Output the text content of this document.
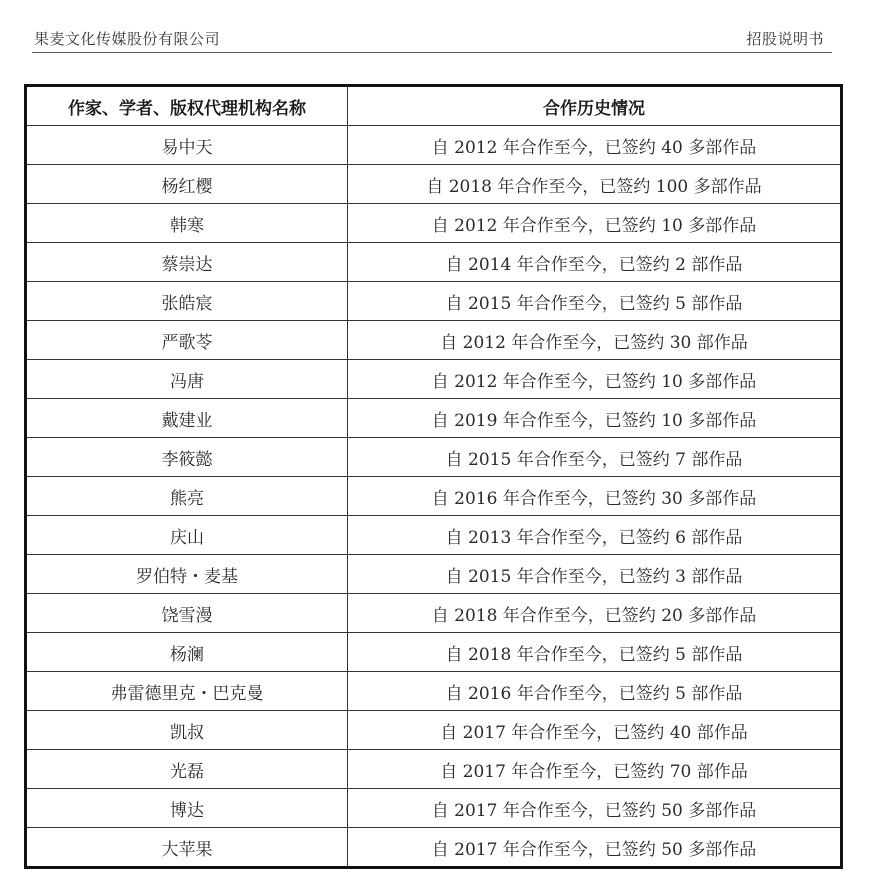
果麦文化传媒股份有限公司	招股说明书
作家、学者、版权代理机构名称	合作历史情况
易中天	自 2012 年合作至今，已签约 40 多部作品
杨红樱	自 2018 年合作至今，已签约 100 多部作品
韩寒	自 2012 年合作至今，已签约 10 多部作品
蔡崇达	自 2014 年合作至今，已签约 2 部作品
张皓宸	自 2015 年合作至今，已签约 5 部作品
严歌苓	自 2012 年合作至今，已签约 30 部作品
冯唐	自 2012 年合作至今，已签约 10 多部作品
戴建业	自 2019 年合作至今，已签约 10 多部作品
李筱懿	自 2015 年合作至今，已签约 7 部作品
熊亮	自 2016 年合作至今，已签约 30 多部作品
庆山	自 2013 年合作至今，已签约 6 部作品
罗伯特・麦基	自 2015 年合作至今，已签约 3 部作品
饶雪漫	自 2018 年合作至今，已签约 20 多部作品
杨澜	自 2018 年合作至今，已签约 5 部作品
弗雷德里克・巴克曼	自 2016 年合作至今，已签约 5 部作品
凯叔	自 2017 年合作至今，已签约 40 部作品
光磊	自 2017 年合作至今，已签约 70 部作品
博达	自 2017 年合作至今，已签约 50 多部作品
大苹果	自 2017 年合作至今，已签约 50 多部作品
